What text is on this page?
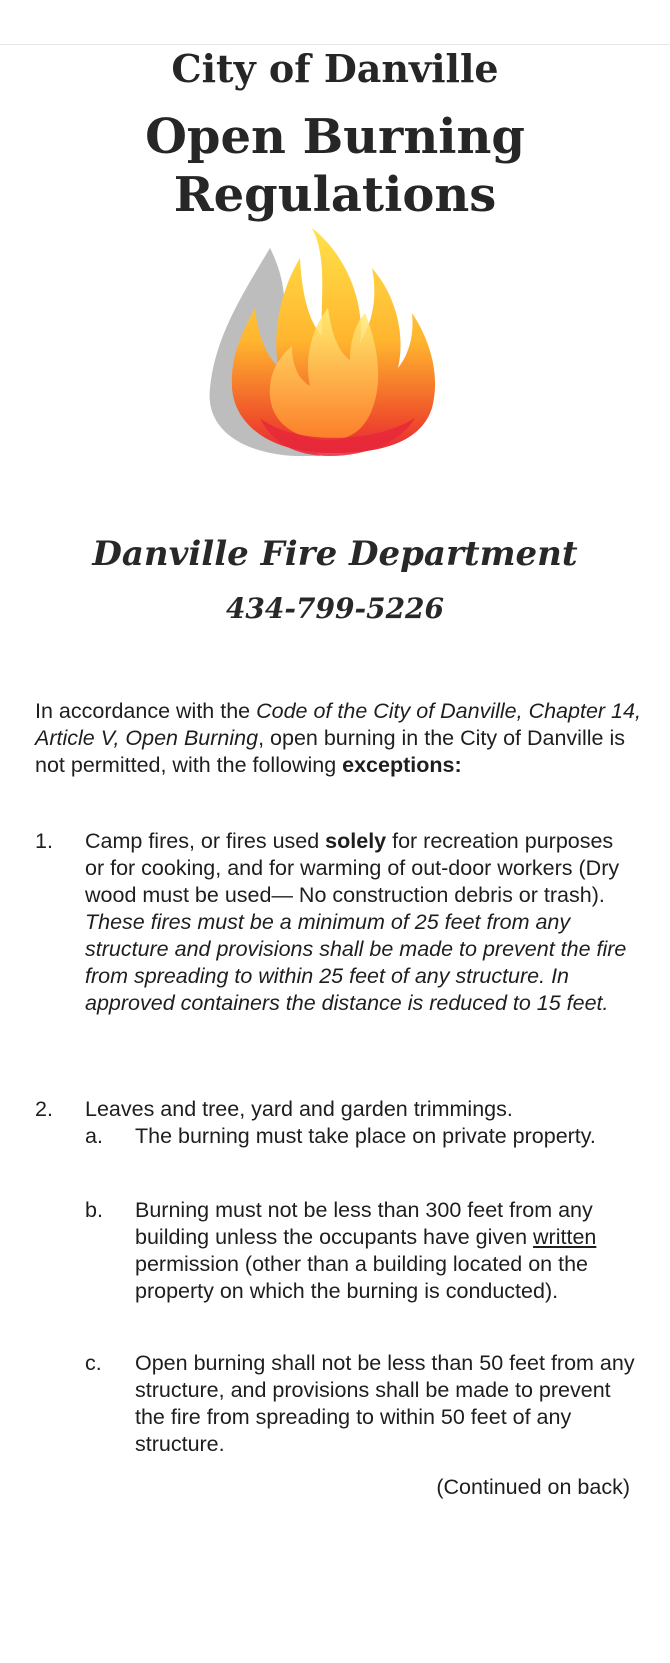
City of Danville
Open Burning
Regulations
Danville Fire Department
434-799-5226

In accordance with the Code of the City of Danville, Chapter 14, Article V, Open Burning, open burning in the City of Danville is not permitted, with the following exceptions:

1. Camp fires, or fires used solely for recreation purposes or for cooking, and for warming of out-door workers (Dry wood must be used— No construction debris or trash). These fires must be a minimum of 25 feet from any structure and provisions shall be made to prevent the fire from spreading to within 25 feet of any structure. In approved containers the distance is reduced to 15 feet.
2. Leaves and tree, yard and garden trimmings.
a. The burning must take place on private property.
b. Burning must not be less than 300 feet from any building unless the occupants have given written permission (other than a building located on the property on which the burning is conducted).
c. Open burning shall not be less than 50 feet from any structure, and provisions shall be made to prevent the fire from spreading to within 50 feet of any structure.
(Continued on back)
